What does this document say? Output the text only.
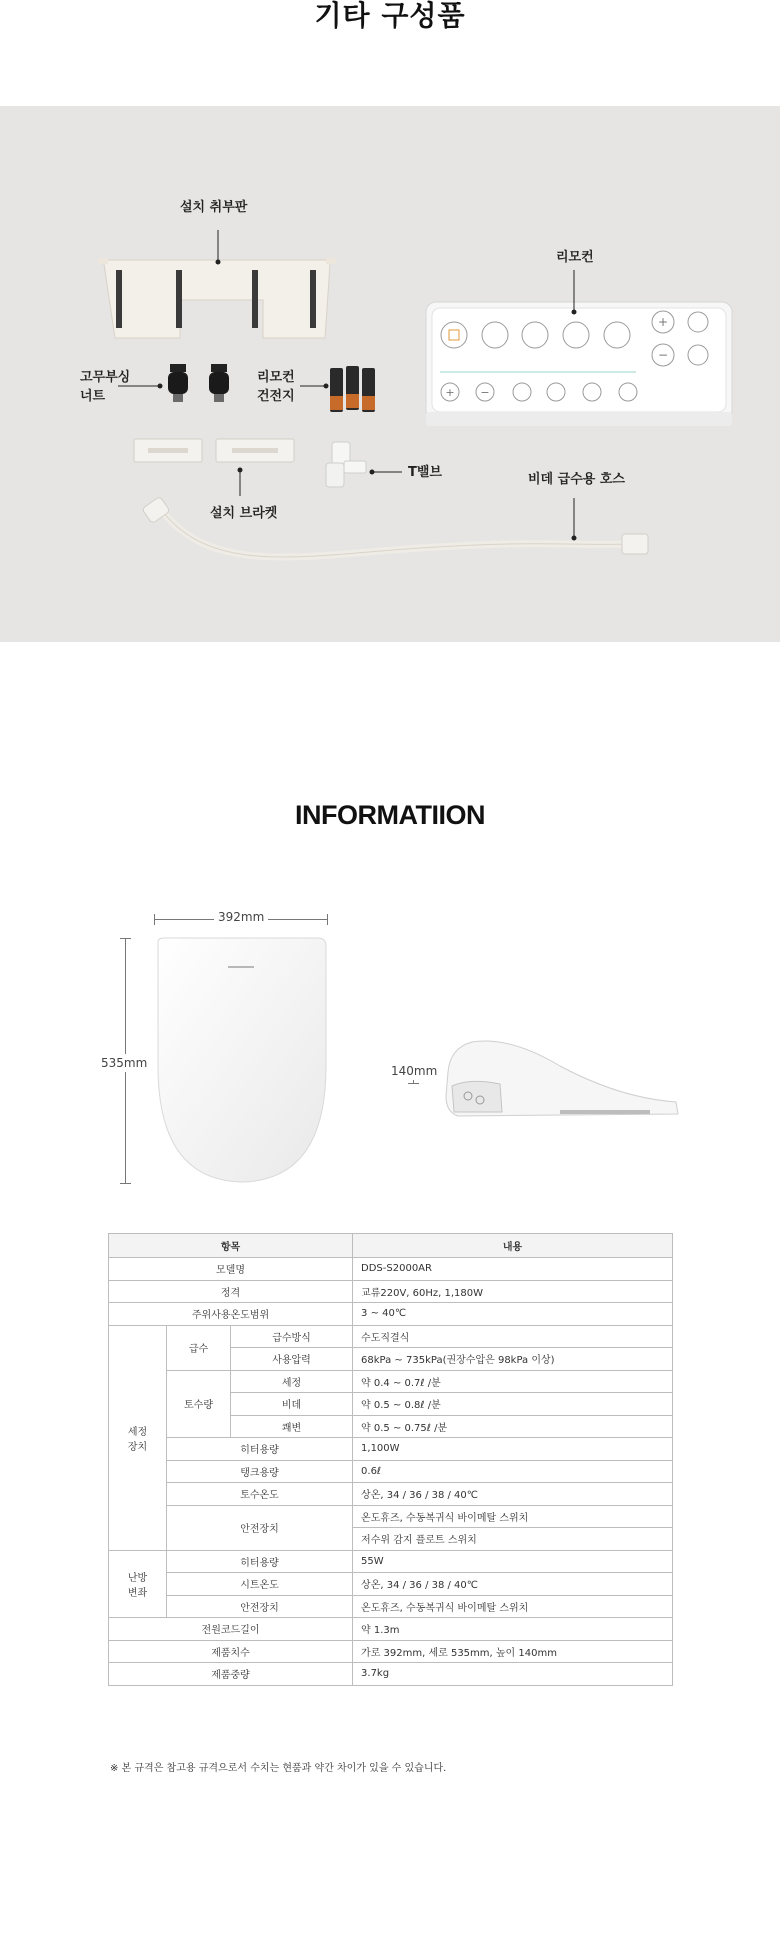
기타 구성품
+
−
+ −
설치 취부판
리모컨
고무부싱
너트
리모컨
건전지
T밸브	비데 급수용 호스
설치 브라켓
INFORMATIION
392mm
535mm
140mm
항목			내용
모델명			DDS-S2000AR
정격			교류220V, 60Hz, 1,180W
주위사용온도범위			3 ~ 40℃
세정
장치	급수	급수방식	수도직결식
		사용압력	68kPa ~ 735kPa(권장수압은 98kPa 이상)
	토수량	세정	약 0.4 ~ 0.7ℓ /분
		비데	약 0.5 ~ 0.8ℓ /분
		쾌변	약 0.5 ~ 0.75ℓ /분
	히터용량		1,100W
	탱크용량		0.6ℓ
	토수온도		상온, 34 / 36 / 38 / 40℃
	안전장치		온도휴즈, 수동복귀식 바이메탈 스위치
			저수위 감지 플로트 스위치
난방
변좌	히터용량		55W
	시트온도		상온, 34 / 36 / 38 / 40℃
	안전장치		온도휴즈, 수동복귀식 바이메탈 스위치
전원코드길이			약 1.3m
제품치수			가로 392mm, 세로 535mm, 높이 140mm
제품중량			3.7kg
※ 본 규격은 참고용 규격으로서 수치는 현품과 약간 차이가 있을 수 있습니다.
